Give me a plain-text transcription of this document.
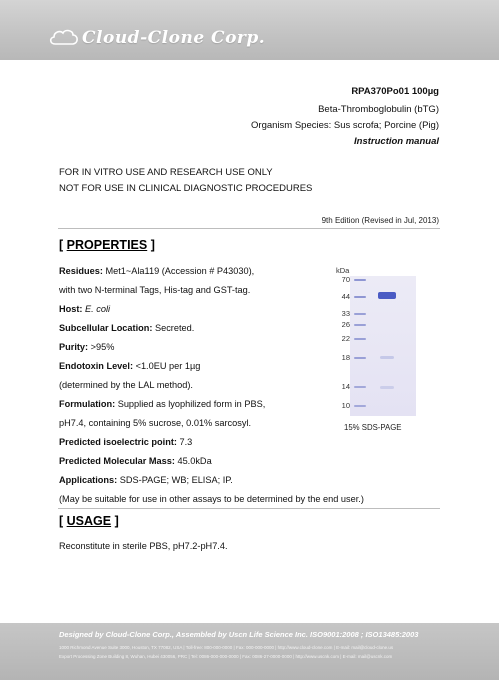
Cloud-Clone Corp.
RPA370Po01 100µg
Beta-Thromboglobulin (bTG)
Organism Species: Sus scrofa; Porcine (Pig)
Instruction manual
FOR IN VITRO USE AND RESEARCH USE ONLY
NOT FOR USE IN CLINICAL DIAGNOSTIC PROCEDURES
9th Edition (Revised in Jul, 2013)
[ PROPERTIES ]
Residues: Met1~Ala119 (Accession # P43030),
with two N-terminal Tags, His-tag and GST-tag.
Host: E. coli
Subcellular Location: Secreted.
Purity: >95%
Endotoxin Level: <1.0EU per 1µg
(determined by the LAL method).
Formulation: Supplied as lyophilized form in PBS,
pH7.4, containing 5% sucrose, 0.01% sarcosyl.
Predicted isoelectric point: 7.3
Predicted Molecular Mass: 45.0kDa
Applications: SDS-PAGE; WB; ELISA; IP.
(May be suitable for use in other assays to be determined by the end user.)
kDa
70
44
33
26
22
18
14
10
15% SDS-PAGE
[ USAGE ]
Reconstitute in sterile PBS, pH7.2-pH7.4.
Designed by Cloud-Clone Corp., Assembled by Uscn Life Science Inc. ISO9001:2008 ; ISO13485:2003
1000 Richmond Avenue Suite 3000, Houston, TX 77082, USA | Toll-free: 800-000-0000 | Fax: 000-000-0000 | http://www.cloud-clone.com | E-mail: mail@cloud-clone.us
Export Processing Zone Building 8, Wuhan, Hubei 430056, PRC | Tel: 0086-000-000-0000 | Fax: 0086-27-0000-0000 | http://www.uscnk.com | E-mail: mail@uscnk.com
